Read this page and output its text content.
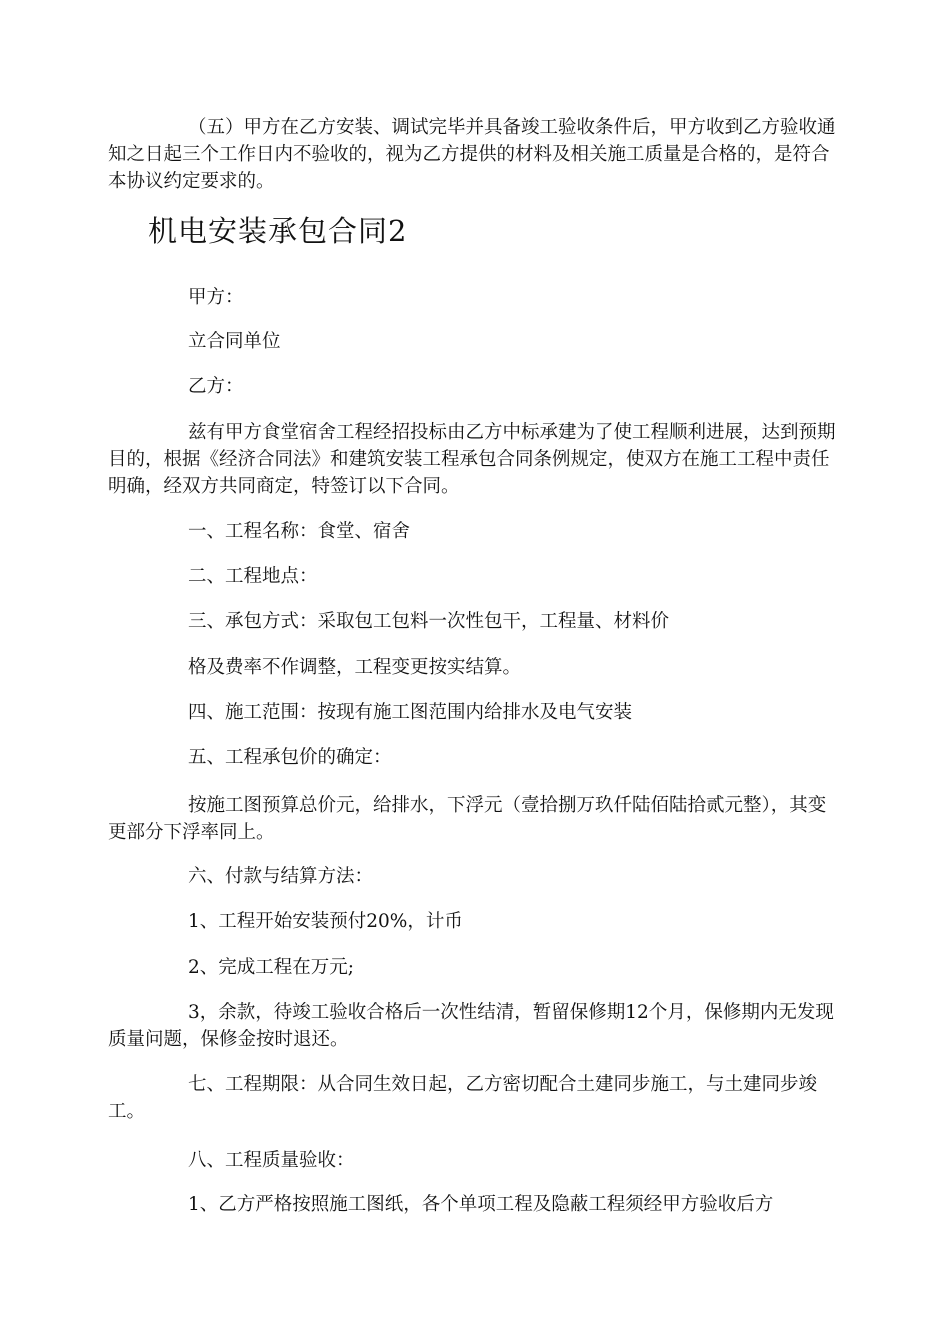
（五）甲方在乙方安装、调试完毕并具备竣工验收条件后，甲方收到乙方验收通知之日起三个工作日内不验收的，视为乙方提供的材料及相关施工质量是合格的，是符合本协议约定要求的。

机电安装承包合同2

甲方：

立合同单位

乙方：

兹有甲方食堂宿舍工程经招投标由乙方中标承建为了使工程顺利进展，达到预期目的，根据《经济合同法》和建筑安装工程承包合同条例规定，使双方在施工工程中责任明确，经双方共同商定，特签订以下合同。

一、工程名称：食堂、宿舍

二、工程地点：

三、承包方式：采取包工包料一次性包干，工程量、材料价

格及费率不作调整，工程变更按实结算。

四、施工范围：按现有施工图范围内给排水及电气安装

五、工程承包价的确定：

按施工图预算总价元，给排水，下浮元（壹拾捌万玖仟陆佰陆拾贰元整），其变更部分下浮率同上。

六、付款与结算方法：

1、工程开始安装预付20%，计币

2、完成工程在万元;

3，余款，待竣工验收合格后一次性结清，暂留保修期12个月，保修期内无发现质量问题，保修金按时退还。

七、工程期限：从合同生效日起，乙方密切配合土建同步施工，与土建同步竣工。

八、工程质量验收：

1、乙方严格按照施工图纸，各个单项工程及隐蔽工程须经甲方验收后方
